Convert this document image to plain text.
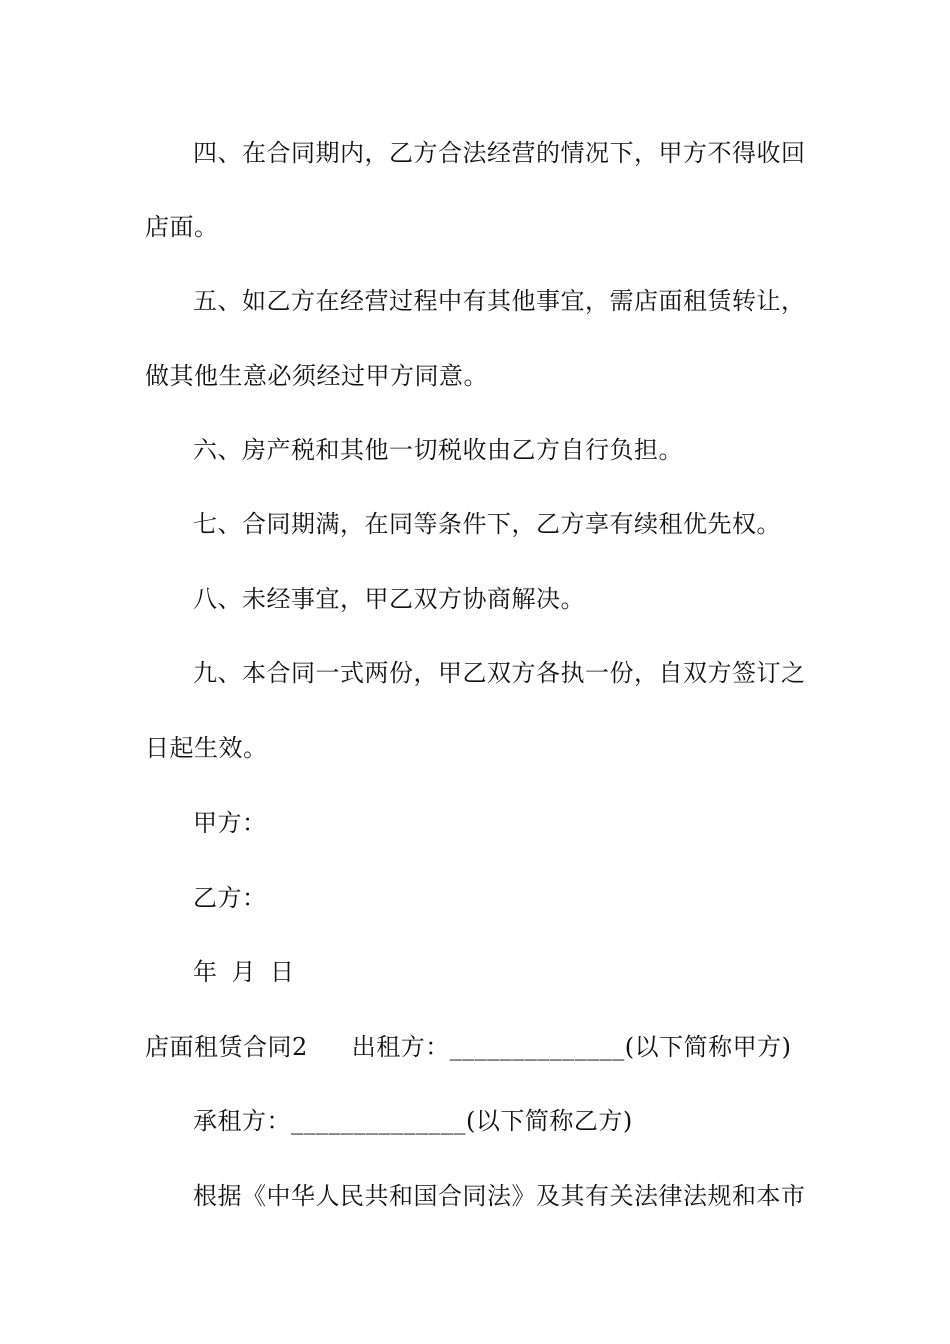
四、在合同期内，乙方合法经营的情况下，甲方不得收回
店面。
五、如乙方在经营过程中有其他事宜，需店面租赁转让，
做其他生意必须经过甲方同意。
六、房产税和其他一切税收由乙方自行负担。
七、合同期满，在同等条件下，乙方享有续租优先权。
八、未经事宜，甲乙双方协商解决。
九、本合同一式两份，甲乙双方各执一份，自双方签订之
日起生效。
甲方：
乙方：
年 月 日
店面租赁合同2 出租方：______________(以下简称甲方)
承租方：______________(以下简称乙方)
根据《中华人民共和国合同法》及其有关法律法规和本市
